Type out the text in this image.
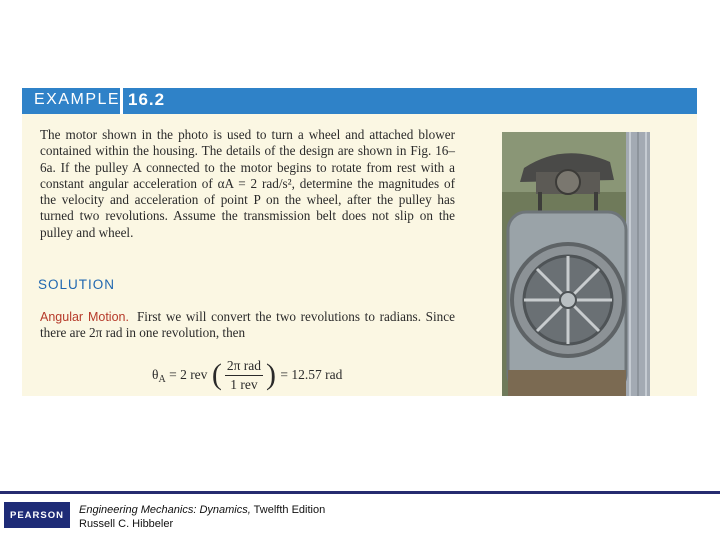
EXAMPLE 16.2

The motor shown in the photo is used to turn a wheel and attached blower contained within the housing. The details of the design are shown in Fig. 16–6a. If the pulley A connected to the motor begins to rotate from rest with a constant angular acceleration of αA = 2 rad/s², determine the magnitudes of the velocity and acceleration of point P on the wheel, after the pulley has turned two revolutions. Assume the transmission belt does not slip on the pulley and wheel.

SOLUTION

Angular Motion. First we will convert the two revolutions to radians. Since there are 2π rad in one revolution, then

θ A = 2 rev ( $\frac{\text{2π rad}}{\text{1 rev}}$ ) = 12.57 rad
PEARSON	Engineering Mechanics: Dynamics, Twelfth Edition
Russell C. Hibbeler
